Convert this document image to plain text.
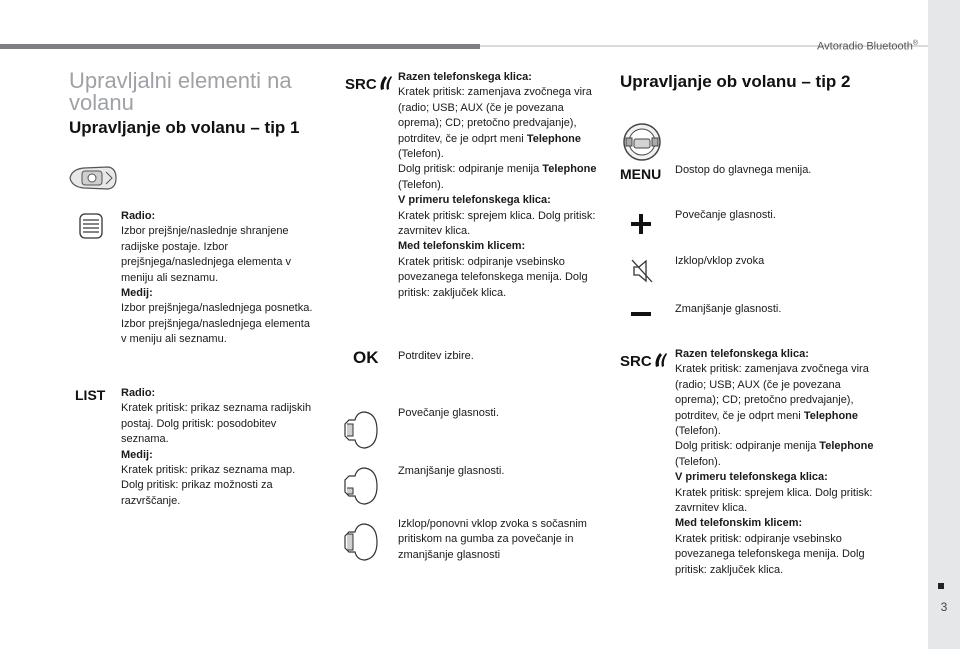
Avtoradio Bluetooth®
3
Upravljalni elementi na volanu
Upravljanje ob volanu – tip 1
Radio:
Izbor prejšnje/naslednje shranjene radijske postaje. Izbor prejšnjega/naslednjega elementa v meniju ali seznamu.
Medij:
Izbor prejšnjega/naslednjega posnetka. Izbor prejšnjega/naslednjega elementa v meniju ali seznamu.
LIST Radio:
Kratek pritisk: prikaz seznama radijskih postaj. Dolg pritisk: posodobitev seznama.
Medij:
Kratek pritisk: prikaz seznama map. Dolg pritisk: prikaz možnosti za razvrščanje.
SRC Razen telefonskega klica:
Kratek pritisk: zamenjava zvočnega vira (radio; USB; AUX (če je povezana oprema); CD; pretočno predvajanje), potrditev, če je odprt meni Telephone (Telefon).
Dolg pritisk: odpiranje menija Telephone (Telefon).
V primeru telefonskega klica:
Kratek pritisk: sprejem klica. Dolg pritisk: zavrnitev klica.
Med telefonskim klicem:
Kratek pritisk: odpiranje vsebinsko povezanega telefonskega menija. Dolg pritisk: zaključek klica.
OK Potrditev izbire.
Povečanje glasnosti.
Zmanjšanje glasnosti.
Izklop/ponovni vklop zvoka s sočasnim pritiskom na gumba za povečanje in zmanjšanje glasnosti
Upravljanje ob volanu – tip 2
MENU Dostop do glavnega menija.
Povečanje glasnosti.
Izklop/vklop zvoka
Zmanjšanje glasnosti.
SRC Razen telefonskega klica:
Kratek pritisk: zamenjava zvočnega vira (radio; USB; AUX (če je povezana oprema); CD; pretočno predvajanje), potrditev, če je odprt meni Telephone (Telefon).
Dolg pritisk: odpiranje menija Telephone (Telefon).
V primeru telefonskega klica:
Kratek pritisk: sprejem klica. Dolg pritisk: zavrnitev klica.
Med telefonskim klicem:
Kratek pritisk: odpiranje vsebinsko povezanega telefonskega menija. Dolg pritisk: zaključek klica.
